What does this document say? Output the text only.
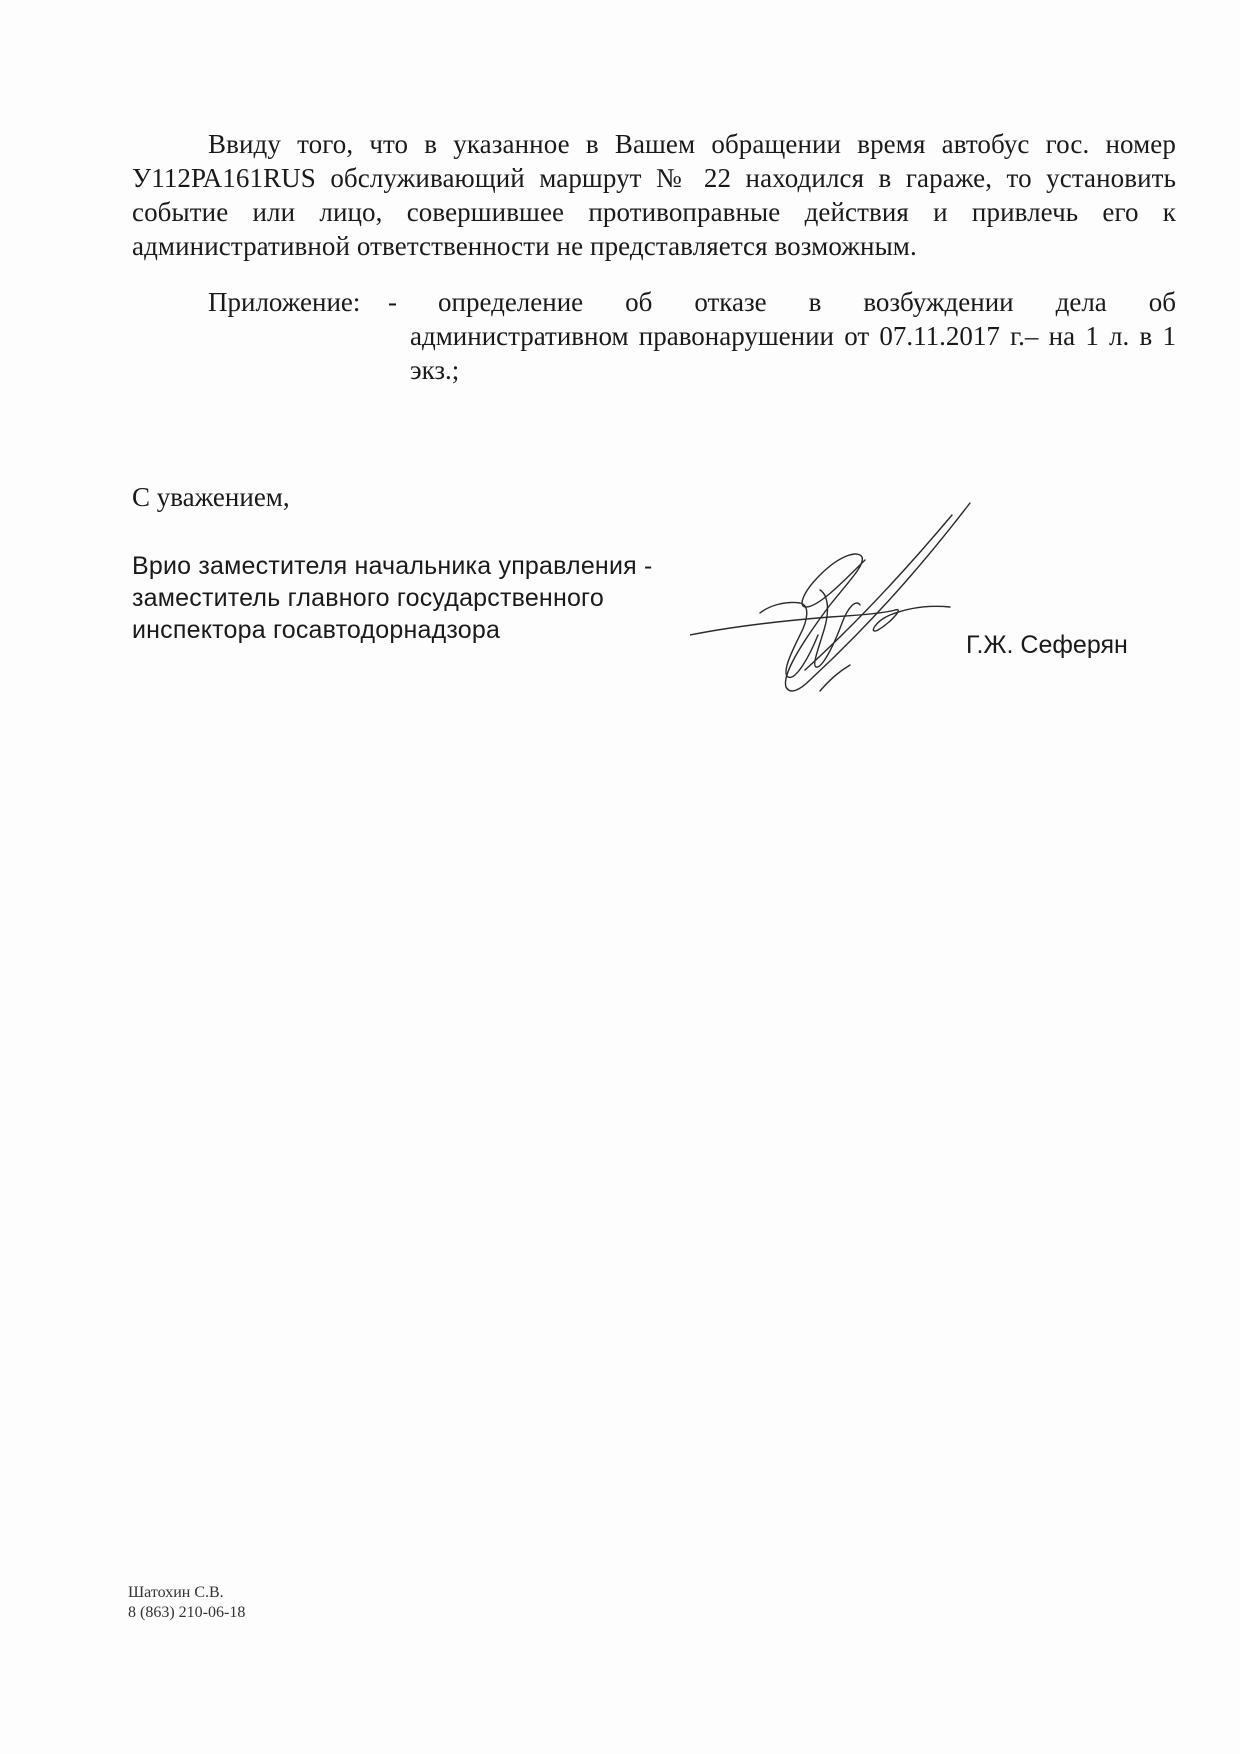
Ввиду того, что в указанное в Вашем обращении время автобус гос. номер У112РА161RUS обслуживающий маршрут № 22 находился в гараже, то установить событие или лицо, совершившее противоправные действия и привлечь его к административной ответственности не представляется возможным.
Приложение: - определение об отказе в возбуждении дела об административном правонарушении от 07.11.2017 г.– на 1 л. в 1 экз.;
С уважением,
Врио заместителя начальника управления -
заместитель главного государственного
инспектора госавтодорнадзора
Г.Ж. Сеферян
Шатохин С.В.
8 (863) 210-06-18
